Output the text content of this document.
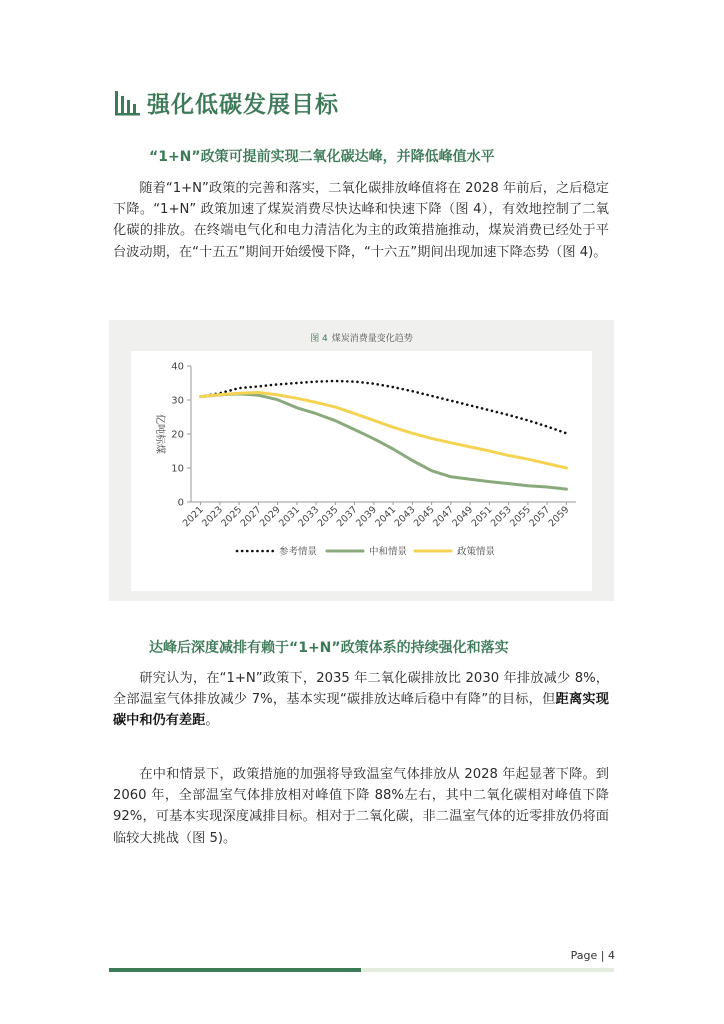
强化低碳发展目标
“1+N”政策可提前实现二氧化碳达峰，并降低峰值水平

随着“1+N”政策的完善和落实，二氧化碳排放峰值将在 2028 年前后，之后稳定下降。“1+N” 政策加速了煤炭消费尽快达峰和快速下降（图 4），有效地控制了二氧化碳的排放。在终端电气化和电力清洁化为主的政策措施推动，煤炭消费已经处于平台波动期，在“十五五”期间开始缓慢下降，“十六五”期间出现加速下降态势（图 4)。

图 4 煤炭消费量变化趋势
0
10
20
30
40
亿吨标煤
2021
2023
2025
2027
2029
2031
2033
2035
2037
2039
2041
2043
2045
2047
2049
2051
2053
2055
2057
2059
参考情景	中和情景	政策情景
达峰后深度减排有赖于“1+N”政策体系的持续强化和落实

研究认为，在“1+N”政策下，2035 年二氧化碳排放比 2030 年排放减少 8%，全部温室气体排放减少 7%，基本实现“碳排放达峰后稳中有降”的目标，但距离实现碳中和仍有差距。

在中和情景下，政策措施的加强将导致温室气体排放从 2028 年起显著下降。到 2060 年，全部温室气体排放相对峰值下降 88%左右，其中二氧化碳相对峰值下降 92%，可基本实现深度减排目标。相对于二氧化碳，非二温室气体的近零排放仍将面临较大挑战（图 5)。

Page | 4
